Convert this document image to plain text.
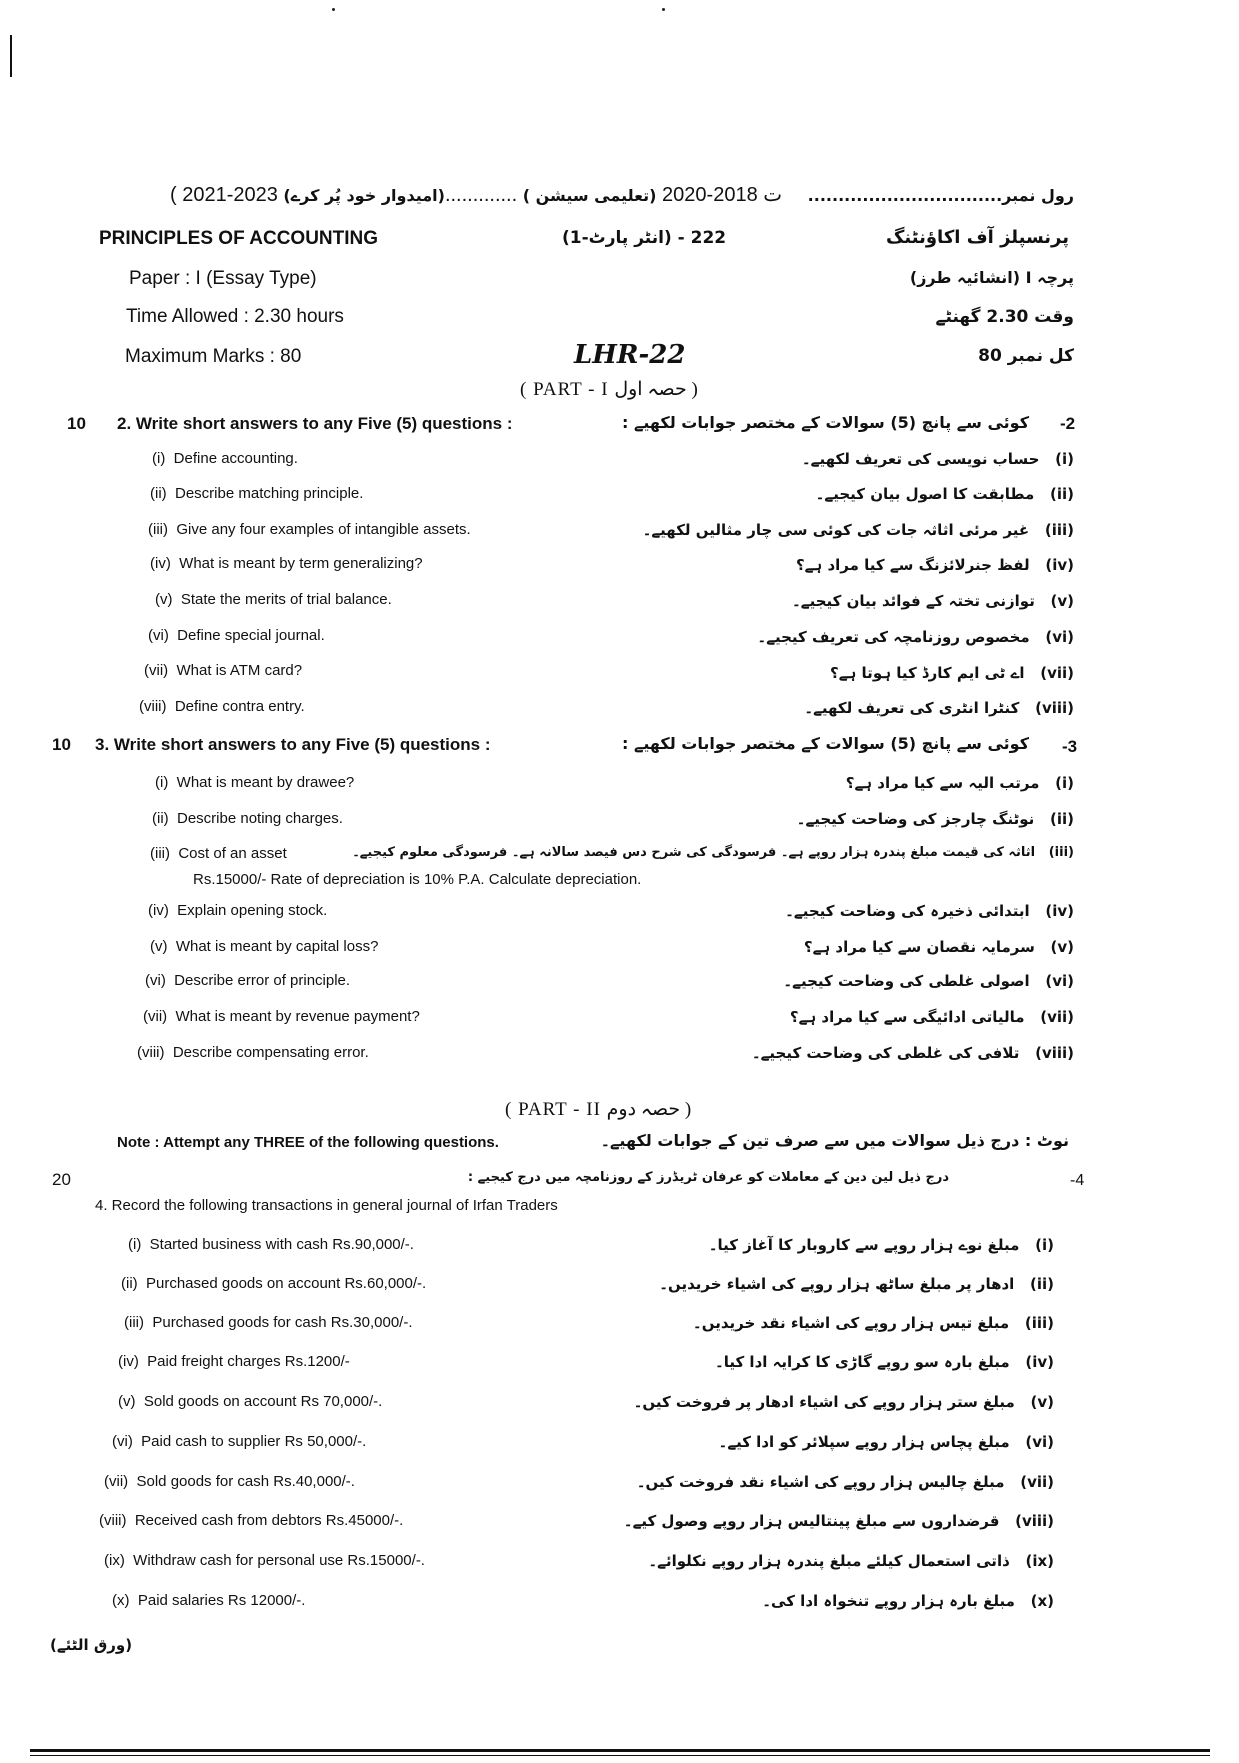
رول نمبر................................
( 2021-2023 ت 2018-2020 (تعلیمی سیشن ) .............(امیدوار خود پُر کرے)
PRINCIPLES OF ACCOUNTING	222 - (انٹر پارٹ-1)	پرنسپلز آف اکاؤنٹنگ
Paper : I (Essay Type)	پرچہ I (انشائیہ طرز)
Time Allowed : 2.30 hours	وقت 2.30 گھنٹے
Maximum Marks : 80	LHR-22	کل نمبر 80
( PART - I حصہ اول )
10 2. Write short answers to any Five (5) questions :	کوئی سے پانچ (5) سوالات کے مختصر جوابات لکھیے : -2
(i) Define accounting.	(i)   حساب نویسی کی تعریف لکھیے۔
(ii) Describe matching principle.	(ii)   مطابقت کا اصول بیان کیجیے۔
(iii) Give any four examples of intangible assets.	(iii)   غیر مرئی اثاثہ جات کی کوئی سی چار مثالیں لکھیے۔
(iv) What is meant by term generalizing?	(iv)   لفظ جنرلائزنگ سے کیا مراد ہے؟
(v) State the merits of trial balance.	(v)   توازنی تختہ کے فوائد بیان کیجیے۔
(vi) Define special journal.	(vi)   مخصوص روزنامچہ کی تعریف کیجیے۔
(vii) What is ATM card?	(vii)   اے ٹی ایم کارڈ کیا ہوتا ہے؟
(viii) Define contra entry.	(viii)   کنٹرا انٹری کی تعریف لکھیے۔
10 3. Write short answers to any Five (5) questions :	کوئی سے پانچ (5) سوالات کے مختصر جوابات لکھیے : -3
(i) What is meant by drawee?	(i)   مرتب الیہ سے کیا مراد ہے؟
(ii) Describe noting charges.	(ii)   نوٹنگ چارجز کی وضاحت کیجیے۔
(iii) Cost of an asset	(iii)   اثاثہ کی قیمت مبلغ پندرہ ہزار روپے ہے۔ فرسودگی کی شرح دس فیصد سالانہ ہے۔ فرسودگی معلوم کیجیے۔
Rs.15000/- Rate of depreciation is 10% P.A. Calculate depreciation.
(iv) Explain opening stock.	(iv)   ابتدائی ذخیرہ کی وضاحت کیجیے۔
(v) What is meant by capital loss?	(v)   سرمایہ نقصان سے کیا مراد ہے؟
(vi) Describe error of principle.	(vi)   اصولی غلطی کی وضاحت کیجیے۔
(vii) What is meant by revenue payment?	(vii)   مالیاتی ادائیگی سے کیا مراد ہے؟
(viii) Describe compensating error.	(viii)   تلافی کی غلطی کی وضاحت کیجیے۔
( PART - II حصہ دوم )
Note : Attempt any THREE of the following questions.	نوٹ : درج ذیل سوالات میں سے صرف تین کے جوابات لکھیے۔
20	درج ذیل لین دین کے معاملات کو عرفان ٹریڈرز کے روزنامچہ میں درج کیجیے :	-4
4. Record the following transactions in general journal of Irfan Traders
(i) Started business with cash Rs.90,000/-.	(i)   مبلغ نوے ہزار روپے سے کاروبار کا آغاز کیا۔
(ii) Purchased goods on account Rs.60,000/-.	(ii)   ادھار پر مبلغ ساٹھ ہزار روپے کی اشیاء خریدیں۔
(iii) Purchased goods for cash Rs.30,000/-.	(iii)   مبلغ تیس ہزار روپے کی اشیاء نقد خریدیں۔
(iv) Paid freight charges Rs.1200/-	(iv)   مبلغ بارہ سو روپے گاڑی کا کرایہ ادا کیا۔
(v) Sold goods on account Rs 70,000/-.	(v)   مبلغ ستر ہزار روپے کی اشیاء ادھار پر فروخت کیں۔
(vi) Paid cash to supplier Rs 50,000/-.	(vi)   مبلغ پچاس ہزار روپے سپلائر کو ادا کیے۔
(vii) Sold goods for cash Rs.40,000/-.	(vii)   مبلغ چالیس ہزار روپے کی اشیاء نقد فروخت کیں۔
(viii) Received cash from debtors Rs.45000/-.	(viii)   قرضداروں سے مبلغ پینتالیس ہزار روپے وصول کیے۔
(ix) Withdraw cash for personal use Rs.15000/-.	(ix)   ذاتی استعمال کیلئے مبلغ پندرہ ہزار روپے نکلوائے۔
(x) Paid salaries Rs 12000/-.	(x)   مبلغ بارہ ہزار روپے تنخواہ ادا کی۔
(ورق الٹئے)
